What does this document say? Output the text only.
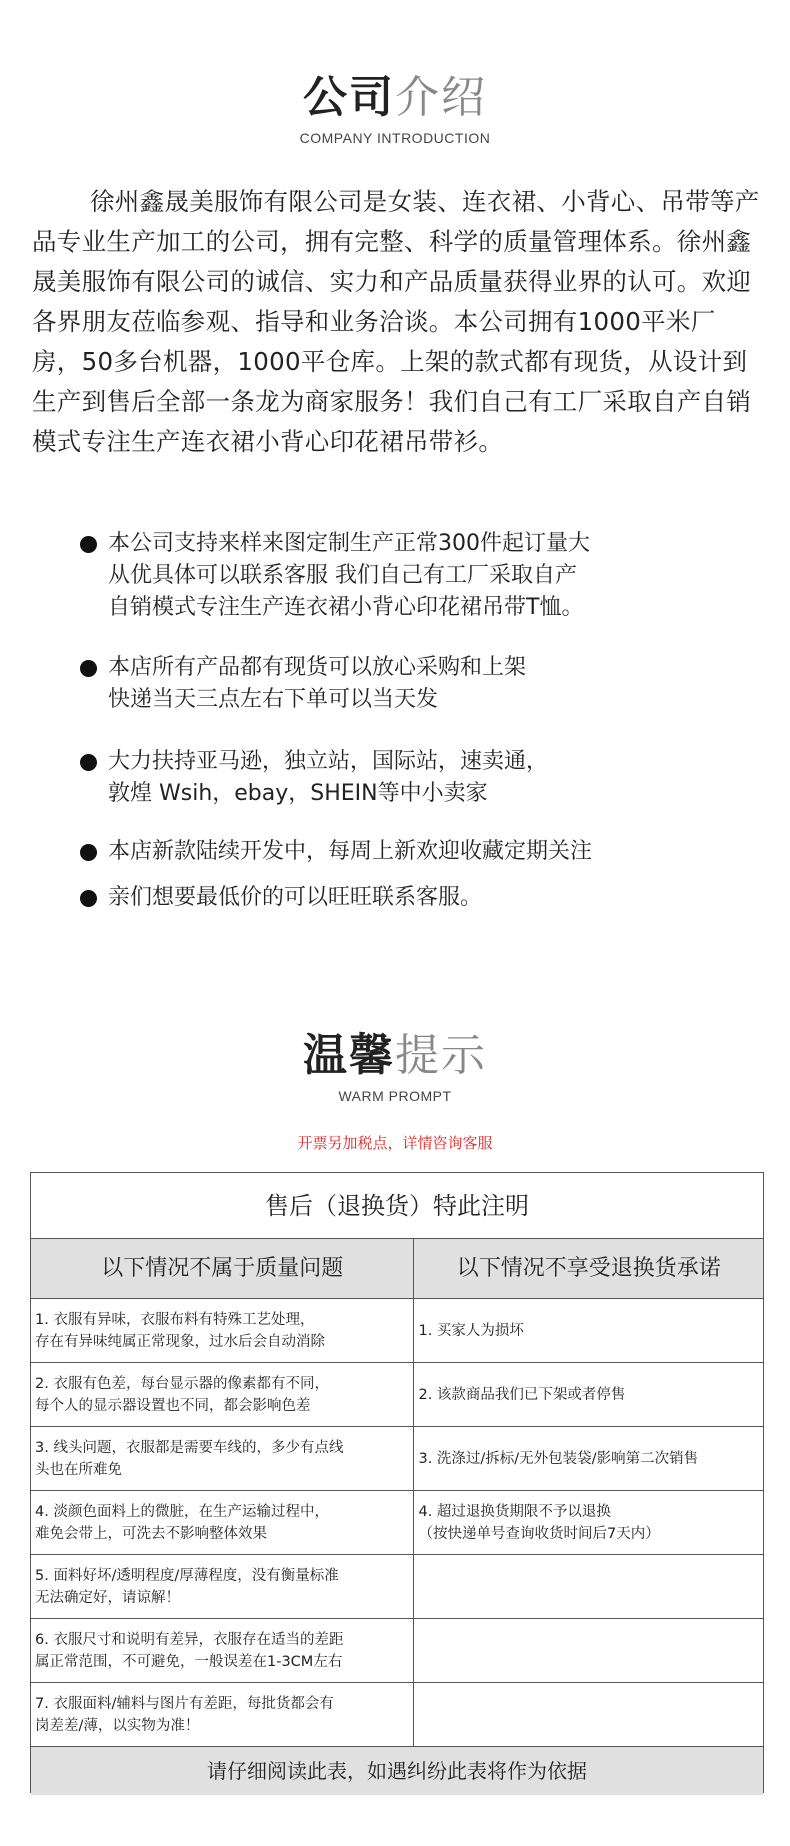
公司介绍
COMPANY INTRODUCTION

徐州鑫晟美服饰有限公司是女装、连衣裙、小背心、吊带等产品专业生产加工的公司，拥有完整、科学的质量管理体系。徐州鑫晟美服饰有限公司的诚信、实力和产品质量获得业界的认可。欢迎各界朋友莅临参观、指导和业务洽谈。本公司拥有1000平米厂房，50多台机器，1000平仓库。上架的款式都有现货，从设计到生产到售后全部一条龙为商家服务！我们自己有工厂采取自产自销模式专注生产连衣裙小背心印花裙吊带衫。

本公司支持来样来图定制生产正常300件起订量大
从优具体可以联系客服 我们自己有工厂采取自产
自销模式专注生产连衣裙小背心印花裙吊带T恤。
本店所有产品都有现货可以放心采购和上架
快递当天三点左右下单可以当天发
大力扶持亚马逊，独立站，国际站，速卖通，
敦煌 Wsih，ebay，SHEIN等中小卖家
本店新款陆续开发中，每周上新欢迎收藏定期关注
亲们想要最低价的可以旺旺联系客服。
温馨提示
WARM PROMPT
开票另加税点，详情咨询客服
售后（退换货）特此注明
以下情况不属于质量问题	以下情况不享受退换货承诺
1. 衣服有异味，衣服布料有特殊工艺处理，
存在有异味纯属正常现象，过水后会自动消除
1. 买家人为损坏
2. 衣服有色差，每台显示器的像素都有不同，
每个人的显示器设置也不同，都会影响色差
2. 该款商品我们已下架或者停售
3. 线头问题，衣服都是需要车线的，多少有点线
头也在所难免
3. 洗涤过/拆标/无外包装袋/影响第二次销售
4. 淡颜色面料上的微脏，在生产运输过程中，
难免会带上，可洗去不影响整体效果
4. 超过退换货期限不予以退换
（按快递单号查询收货时间后7天内）
5. 面料好坏/透明程度/厚薄程度，没有衡量标准
无法确定好，请谅解！
6. 衣服尺寸和说明有差异，衣服存在适当的差距
属正常范围，不可避免，一般误差在1-3CM左右
7. 衣服面料/辅料与图片有差距，每批货都会有
岗差差/薄，以实物为准！
请仔细阅读此表，如遇纠纷此表将作为依据
